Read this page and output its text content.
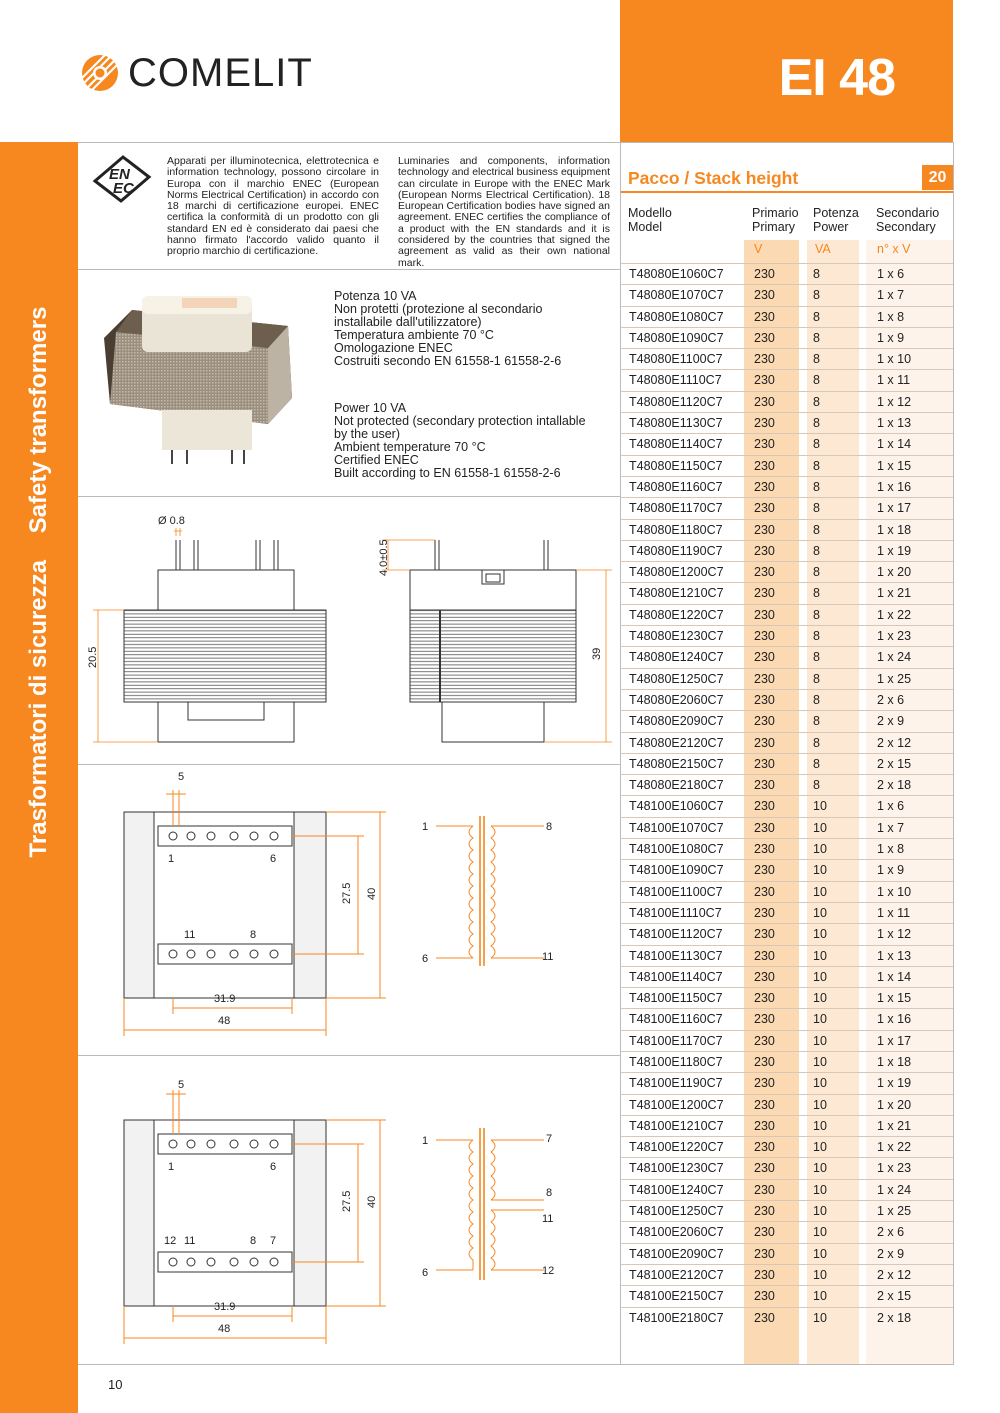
COMELIT	EI 48
Trasformatori di sicurezza    Safety transformers
EN
EC
Apparati per illuminotecnica, elettrotecnica e information technology, possono circolare in Europa con il marchio ENEC (European Norms Electrical Certification) in accordo con 18 marchi di certificazione europei. ENEC certifica la conformità di un prodotto con gli standard EN ed è considerato dai paesi che hanno firmato l'accordo valido quanto il proprio marchio di certificazione.
Luminaries and components, information technology and electrical business equipment can circulate in Europe with the ENEC Mark (European Norms Electrical Certification). 18 European Certification bodies have signed an agreement. ENEC certifies the compliance of a product with the EN standards and it is considered by the countries that signed the agreement as valid as their own national mark.
Potenza 10 VA
Non protetti (protezione al secondario
installabile dall'utilizzatore)
Temperatura ambiente 70 °C
Omologazione ENEC
Costruiti secondo EN 61558-1 61558-2-6
Power 10 VA
Not protected (secondary protection intallable
by the user)
Ambient temperature 70 °C
Certified ENEC
Built according to EN 61558-1 61558-2-6
Ø 0.8
20.5
4.0±0.5
39
5
1	6
11	8
27.5 40
31.9
48
1
6
8
11
5
1	6
12 11	8 7
27.5 40
31.9
48
1
6
7
8
11
12
Pacco / Stack height	20
Modello
Model
Primario
Primary
Potenza
Power
Secondario
Secondary
V	VA	n° x V
T48080E1060C7 230	8	1 x 6
T48080E1070C7 230	8	1 x 7
T48080E1080C7 230	8	1 x 8
T48080E1090C7 230	8	1 x 9
T48080E1100C7	230	8	1 x 10
T48080E1110C7	230	8	1 x 11
T48080E1120C7	230	8	1 x 12
T48080E1130C7	230	8	1 x 13
T48080E1140C7	230	8	1 x 14
T48080E1150C7	230	8	1 x 15
T48080E1160C7	230	8	1 x 16
T48080E1170C7	230	8	1 x 17
T48080E1180C7	230	8	1 x 18
T48080E1190C7	230	8	1 x 19
T48080E1200C7 230	8	1 x 20
T48080E1210C7 230	8	1 x 21
T48080E1220C7 230	8	1 x 22
T48080E1230C7 230	8	1 x 23
T48080E1240C7 230	8	1 x 24
T48080E1250C7 230	8	1 x 25
T48080E2060C7 230	8	2 x 6
T48080E2090C7 230	8	2 x 9
T48080E2120C7 230	8	2 x 12
T48080E2150C7 230	8	2 x 15
T48080E2180C7 230	8	2 x 18
T48100E1060C7 230	10	1 x 6
T48100E1070C7 230	10	1 x 7
T48100E1080C7 230	10	1 x 8
T48100E1090C7 230	10	1 x 9
T48100E1100C7	230	10	1 x 10
T48100E1110C7	230	10	1 x 11
T48100E1120C7	230	10	1 x 12
T48100E1130C7	230	10	1 x 13
T48100E1140C7	230	10	1 x 14
T48100E1150C7	230	10	1 x 15
T48100E1160C7	230	10	1 x 16
T48100E1170C7	230	10	1 x 17
T48100E1180C7	230	10	1 x 18
T48100E1190C7	230	10	1 x 19
T48100E1200C7 230	10	1 x 20
T48100E1210C7 230	10	1 x 21
T48100E1220C7 230	10	1 x 22
T48100E1230C7 230	10	1 x 23
T48100E1240C7 230	10	1 x 24
T48100E1250C7 230	10	1 x 25
T48100E2060C7 230	10	2 x 6
T48100E2090C7 230	10	2 x 9
T48100E2120C7 230	10	2 x 12
T48100E2150C7 230	10	2 x 15
T48100E2180C7 230	10	2 x 18
10
